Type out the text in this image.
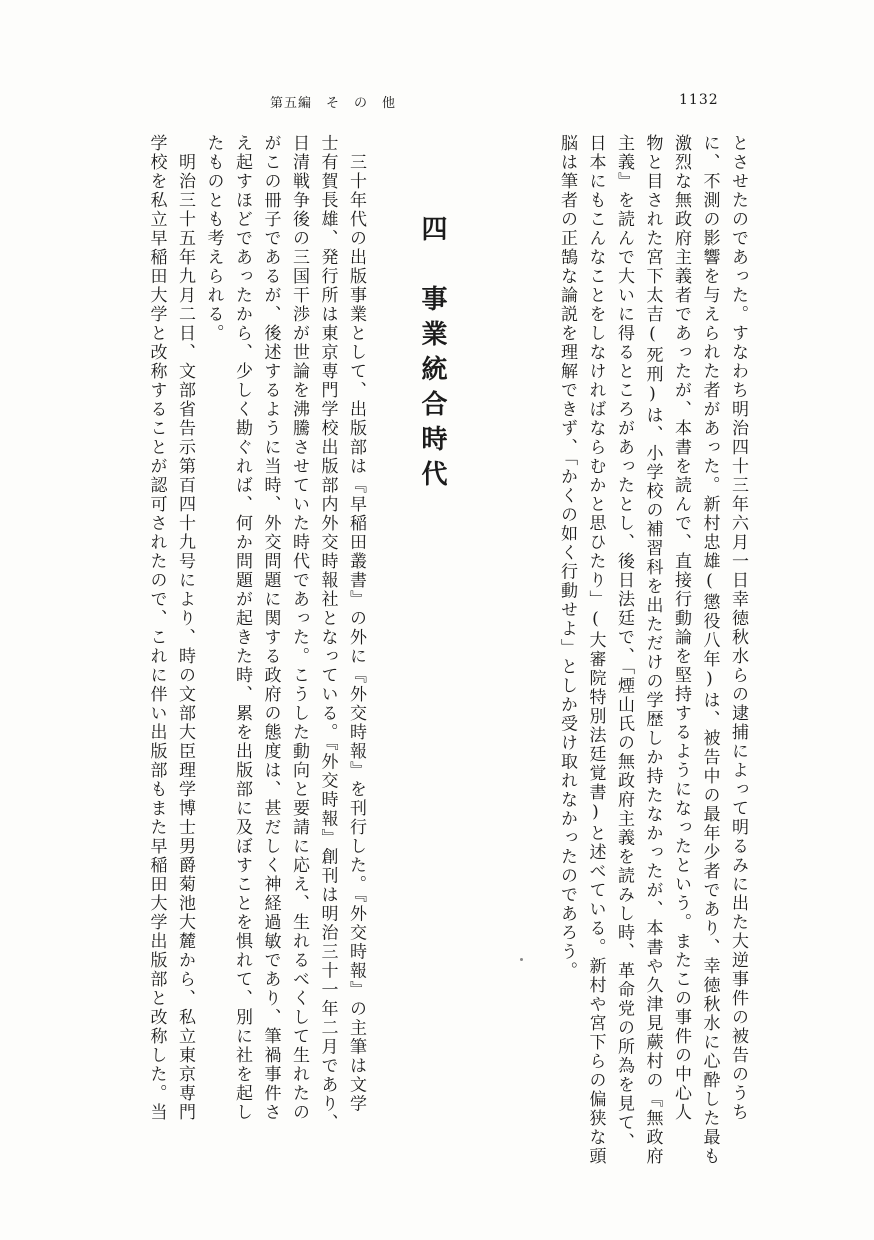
第五編　そ　の　他	1132

とさせたのであった。すなわち明治四十三年六月一日幸徳秋水らの逮捕によって明るみに出た大逆事件の被告のうち
に、不測の影響を与えられた者があった。新村忠雄(懲役八年)は、被告中の最年少者であり、幸徳秋水に心酔した最も
激烈な無政府主義者であったが、本書を読んで、直接行動論を堅持するようになったという。またこの事件の中心人
物と目された宮下太吉(死刑)は、小学校の補習科を出ただけの学歴しか持たなかったが、本書や久津見蕨村の『無政府
主義』を読んで大いに得るところがあったとし、後日法廷で、「煙山氏の無政府主義を読みし時、革命党の所為を見て、
日本にもこんなことをしなければならむかと思ひたり」(大審院特別法廷覚書)と述べている。新村や宮下らの偏狭な頭
脳は筆者の正鵠な論説を理解できず、「かくの如く行動せよ」としか受け取れなかったのであろう。

四　事業統合時代

　三十年代の出版事業として、出版部は『早稲田叢書』の外に『外交時報』を刊行した。『外交時報』の主筆は文学
士有賀長雄、発行所は東京専門学校出版部内外交時報社となっている。『外交時報』創刊は明治三十一年二月であり、
日清戦争後の三国干渉が世論を沸騰させていた時代であった。こうした動向と要請に応え、生れるべくして生れたの
がこの冊子であるが、後述するように当時、外交問題に関する政府の態度は、甚だしく神経過敏であり、筆禍事件さ
え起すほどであったから、少しく勘ぐれば、何か問題が起きた時、累を出版部に及ぼすことを惧れて、別に社を起し
たものとも考えられる。
　明治三十五年九月二日、文部省告示第百四十九号により、時の文部大臣理学博士男爵菊池大麓から、私立東京専門
学校を私立早稲田大学と改称することが認可されたので、これに伴い出版部もまた早稲田大学出版部と改称した。当
